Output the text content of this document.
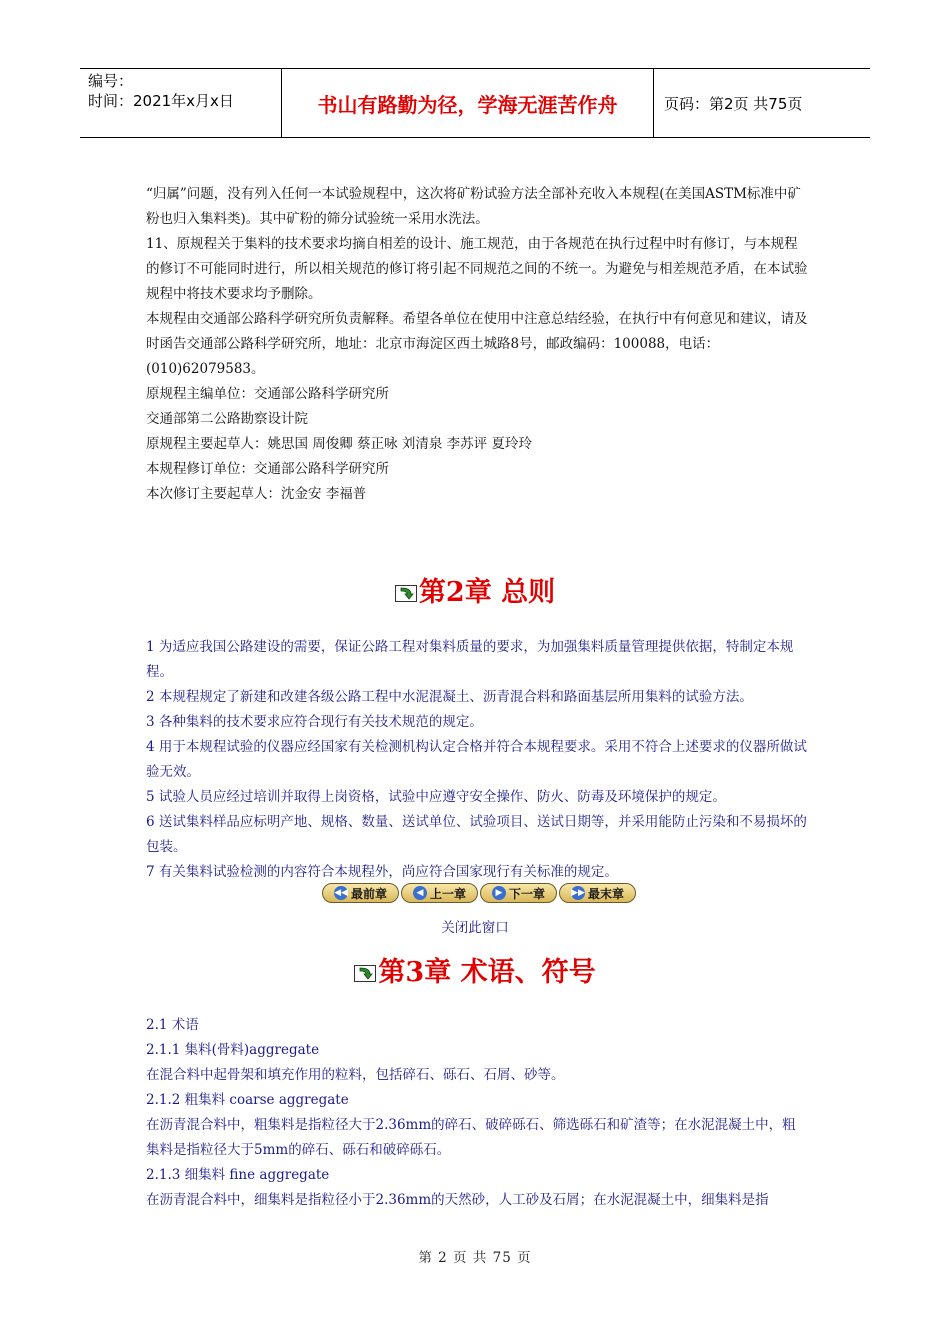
编号：
时间：2021年x月x日	书山有路勤为径，学海无涯苦作舟	页码：第2页 共75页

“归属”问题，没有列入任何一本试验规程中，这次将矿粉试验方法全部补充收入本规程(在美国ASTM标准中矿粉也归入集料类)。其中矿粉的筛分试验统一采用水洗法。

11、原规程关于集料的技术要求均摘自相差的设计、施工规范，由于各规范在执行过程中时有修订，与本规程的修订不可能同时进行，所以相关规范的修订将引起不同规范之间的不统一。为避免与相差规范矛盾，在本试验规程中将技术要求均予删除。

本规程由交通部公路科学研究所负责解释。希望各单位在使用中注意总结经验，在执行中有何意见和建议，请及时函告交通部公路科学研究所，地址：北京市海淀区西土城路8号，邮政编码：100088，电话：(010)62079583。

原规程主编单位：交通部公路科学研究所

交通部第二公路勘察设计院

原规程主要起草人：姚思国 周俊卿 蔡正咏 刘清泉 李苏评 夏玲玲

本规程修订单位：交通部公路科学研究所

本次修订主要起草人：沈金安 李福普

第2章 总则

1 为适应我国公路建设的需要，保证公路工程对集料质量的要求，为加强集料质量管理提供依据，特制定本规程。

2 本规程规定了新建和改建各级公路工程中水泥混凝土、沥青混合料和路面基层所用集料的试验方法。

3 各种集料的技术要求应符合现行有关技术规范的规定。

4 用于本规程试验的仪器应经国家有关检测机构认定合格并符合本规程要求。采用不符合上述要求的仪器所做试验无效。

5 试验人员应经过培训并取得上岗资格，试验中应遵守安全操作、防火、防毒及环境保护的规定。

6 送试集料样品应标明产地、规格、数量、送试单位、试验项目、送试日期等，并采用能防止污染和不易损坏的包装。

7 有关集料试验检测的内容符合本规程外，尚应符合国家现行有关标准的规定。

◀◀ 最前章	◀ 上一章	▶ 下一章	▶▶ 最末章
关闭此窗口
第3章 术语、符号

2.1 术语

2.1.1 集料(骨料)aggregate

在混合料中起骨架和填充作用的粒料，包括碎石、砾石、石屑、砂等。

2.1.2 粗集料 coarse aggregate

在沥青混合料中，粗集料是指粒径大于2.36mm的碎石、破碎砾石、筛选砾石和矿渣等；在水泥混凝土中，粗集料是指粒径大于5mm的碎石、砾石和破碎砾石。

2.1.3 细集料 fine aggregate

在沥青混合料中，细集料是指粒径小于2.36mm的天然砂，人工砂及石屑；在水泥混凝土中，细集料是指

第 2 页 共 75 页
